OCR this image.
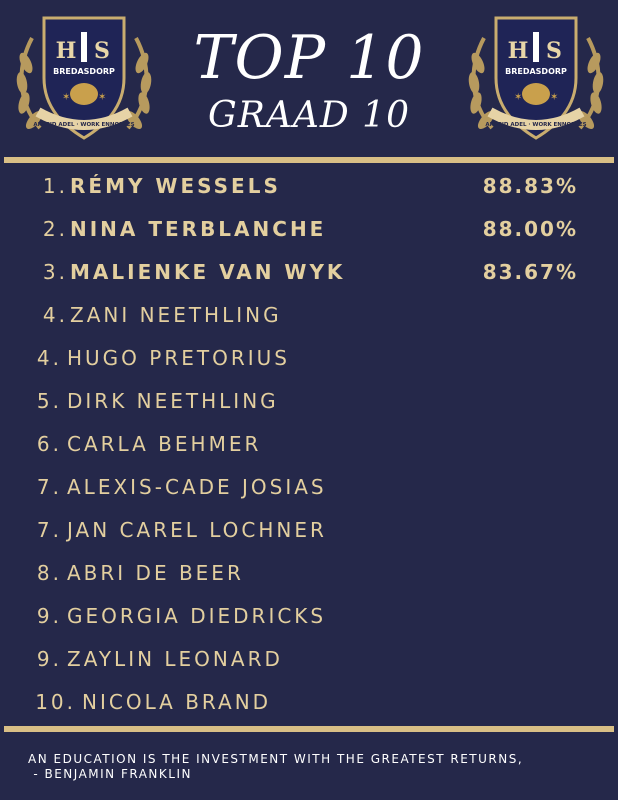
H S
BREDASDORP
✶	✶
ARBEID ADEL · WORK ENNOBLES
H S
BREDASDORP
✶	✶
ARBEID ADEL · WORK ENNOBLES
TOP 10
GRAAD 10
1. RÉMY WESSELS	88.83%
2. NINA TERBLANCHE	88.00%
3. MALIENKE VAN WYK	83.67%
4. ZANI NEETHLING
4. HUGO PRETORIUS
5. DIRK NEETHLING
6. CARLA BEHMER
7. ALEXIS-CADE JOSIAS
7. JAN CAREL LOCHNER
8. ABRI DE BEER
9. GEORGIA DIEDRICKS
9. ZAYLIN LEONARD
10. NICOLA BRAND
AN EDUCATION IS THE INVESTMENT WITH THE GREATEST RETURNS,
- BENJAMIN FRANKLIN
